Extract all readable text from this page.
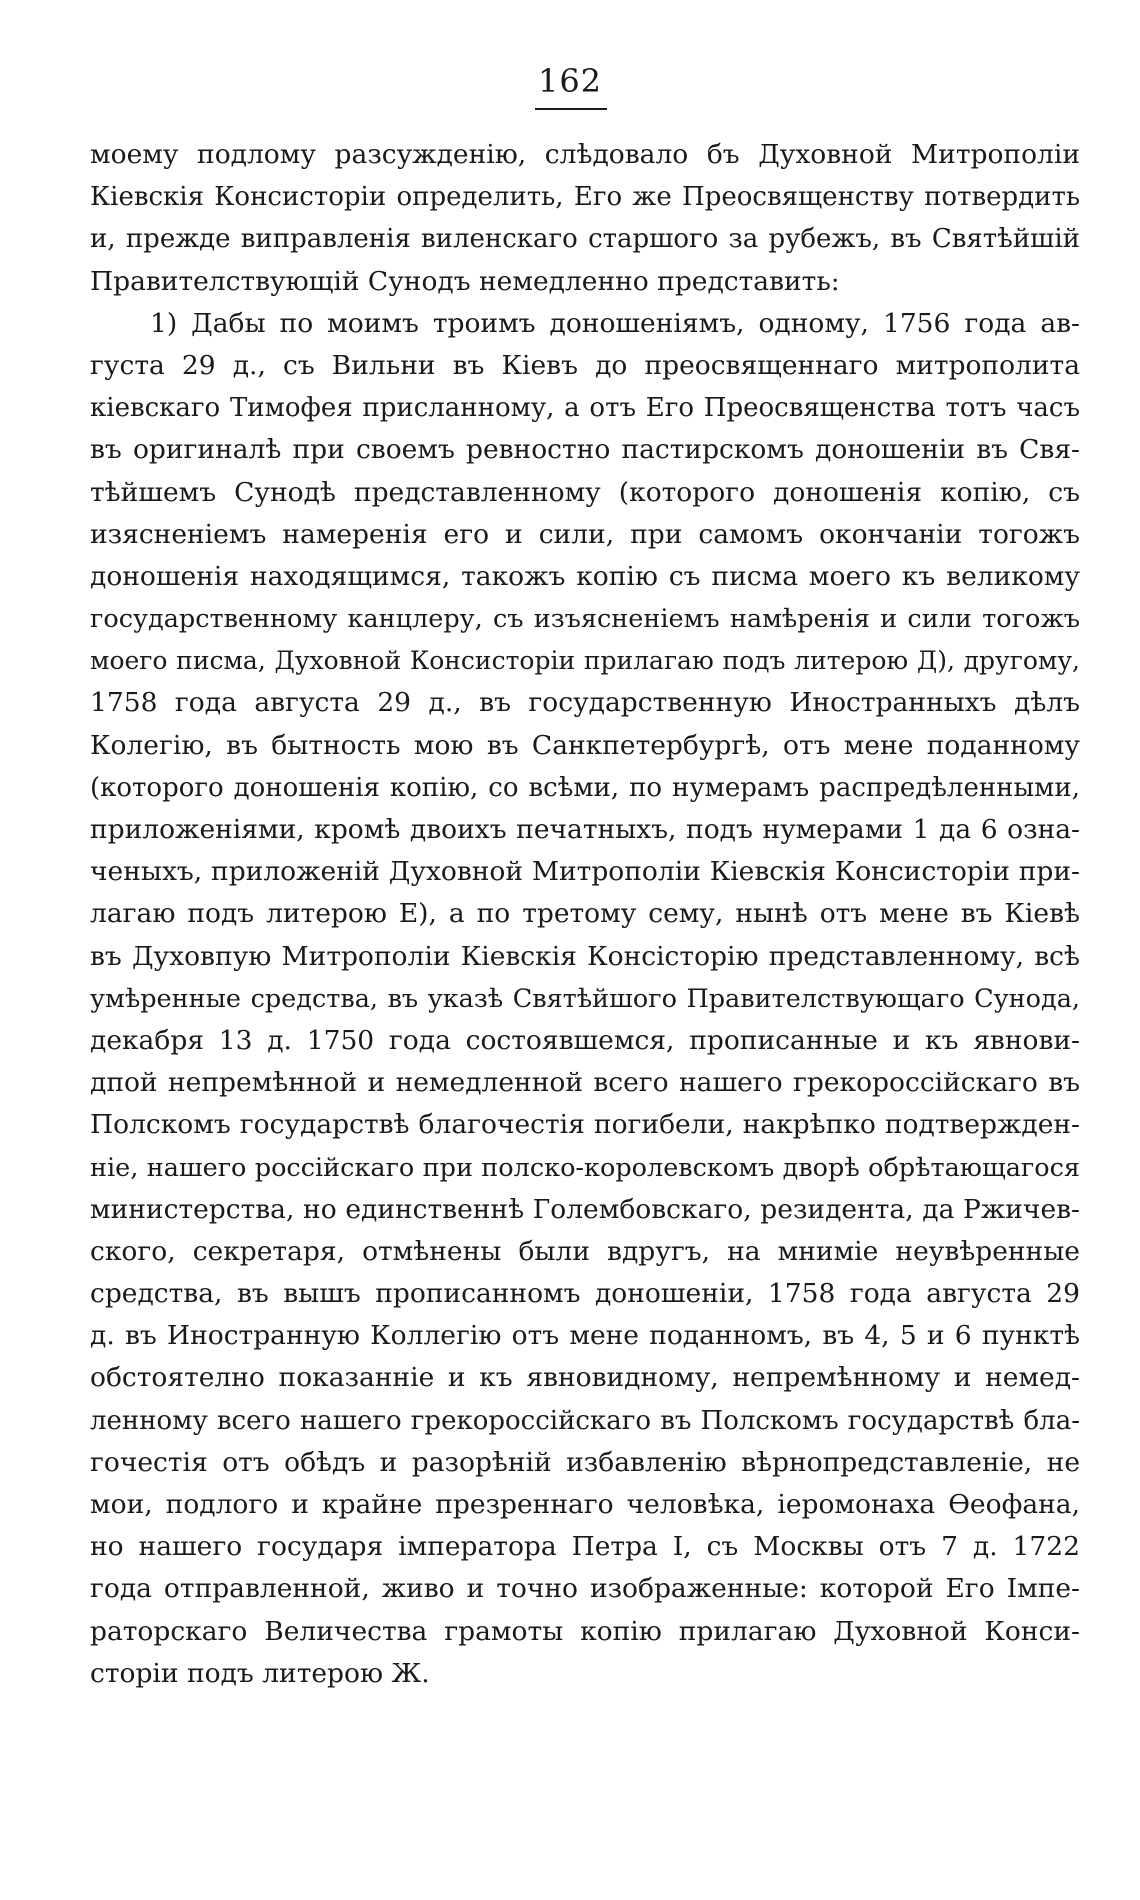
162
моему подлому разсужденію, слѣдовало бъ Духовной Митрополіи
Кіевскія Консисторіи определить, Его же Преосвященству потвердить
и, прежде виправленія виленскаго старшого за рубежъ, въ Святѣйшій
Правителствующій Сунодъ немедленно представить:
1) Дабы по моимъ троимъ доношеніямъ, одному, 1756 года ав-
густа 29 д., съ Вильни въ Кіевъ до преосвященнаго митрополита
кіевскаго Тимофея присланному, а отъ Его Преосвященства тотъ часъ
въ оригиналѣ при своемъ ревностно пастирскомъ доношеніи въ Свя-
тѣйшемъ Сунодѣ представленному (которого доношенія копію, съ
изясненіемъ намеренія его и сили, при самомъ окончаніи тогожъ
доношенія находящимся, такожъ копію съ писма моего къ великому
государственному канцлеру, съ изъясненіемъ намѣренія и сили тогожъ
моего писма, Духовной Консисторіи прилагаю подъ литерою Д), другому,
1758 года августа 29 д., въ государственную Иностранныхъ дѣлъ
Колегію, въ бытность мою въ Санкпетербургѣ, отъ мене поданному
(которого доношенія копію, со всѣми, по нумерамъ распредѣленными,
приложеніями, кромѣ двоихъ печатныхъ, подъ нумерами 1 да 6 озна-
ченыхъ, приложеній Духовной Митрополіи Кіевскія Консисторіи при-
лагаю подъ литерою Е), а по третому сему, нынѣ отъ мене въ Кіевѣ
въ Духовпую Митрополіи Кіевскія Консісторію представленному, всѣ
умѣренные средства, въ указѣ Святѣйшого Правителствующаго Сунода,
декабря 13 д. 1750 года состоявшемся, прописанные и къ явнови-
дпой непремѣнной и немедленной всего нашего грекороссійскаго въ
Полскомъ государствѣ благочестія погибели, накрѣпко подтвержден-
ніе, нашего россійскаго при полско-королевскомъ дворѣ обрѣтающагося
министерства, но единственнѣ Голембовскаго, резидента, да Ржичев-
ского, секретаря, отмѣнены были вдругъ, на мниміе неувѣренные
средства, въ вышъ прописанномъ доношеніи, 1758 года августа 29
д. въ Иностранную Коллегію отъ мене поданномъ, въ 4, 5 и 6 пунктѣ
обстоятелно показанніе и къ явновидному, непремѣнному и немед-
ленному всего нашего грекороссійскаго въ Полскомъ государствѣ бла-
гочестія отъ обѣдъ и разорѣній избавленію вѣрнопредставленіе, не
мои, подлого и крайне презреннаго человѣка, іеромонаха Ѳеофана,
но нашего государя імператора Петра I, съ Москвы отъ 7 д. 1722
года отправленной, живо и точно изображенные: которой Его Імпе-
раторскаго Величества грамоты копію прилагаю Духовной Конси-
сторіи подъ литерою Ж.
